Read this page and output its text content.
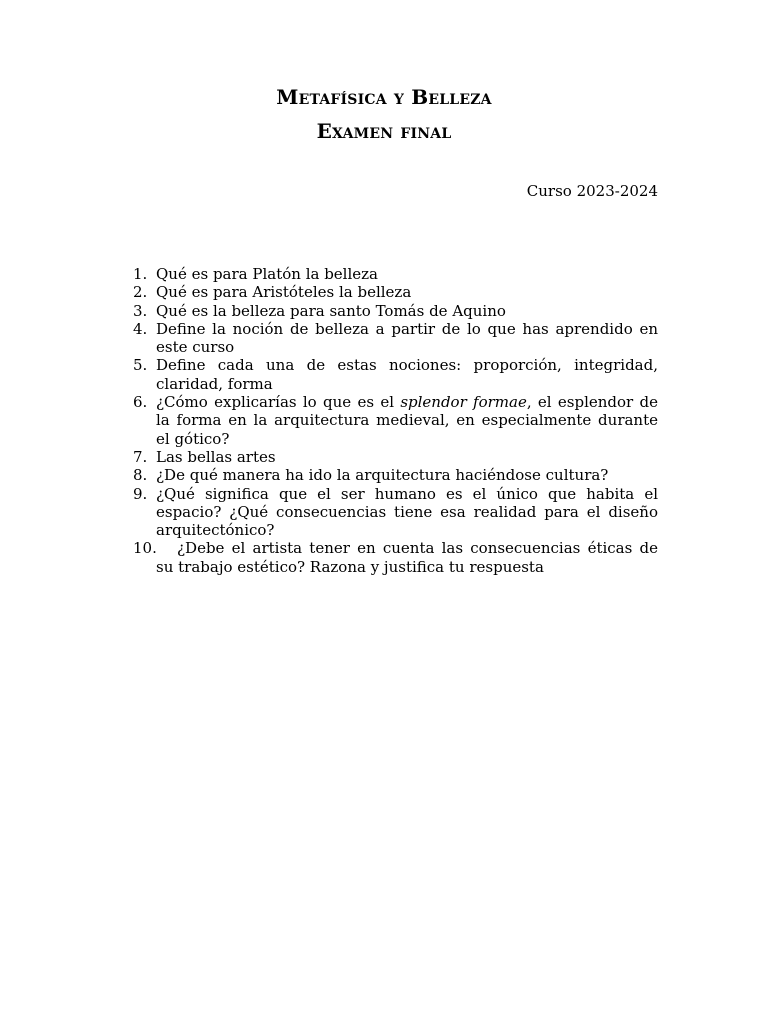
Metafísica y Belleza
Examen final
Curso 2023-2024
1. Qué es para Platón la belleza
2. Qué es para Aristóteles la belleza
3. Qué es la belleza para santo Tomás de Aquino
4. Define la noción de belleza a partir de lo que has aprendido en este curso
5. Define cada una de estas nociones: proporción, integridad, claridad, forma
6. ¿Cómo explicarías lo que es el splendor formae, el esplendor de la forma en la arquitectura medieval, en especialmente durante el gótico?
7. Las bellas artes
8. ¿De qué manera ha ido la arquitectura haciéndose cultura?
9. ¿Qué significa que el ser humano es el único que habita el espacio? ¿Qué consecuencias tiene esa realidad para el diseño arquitectónico?
10. ¿Debe el artista tener en cuenta las consecuencias éticas de su trabajo estético? Razona y justifica tu respuesta
